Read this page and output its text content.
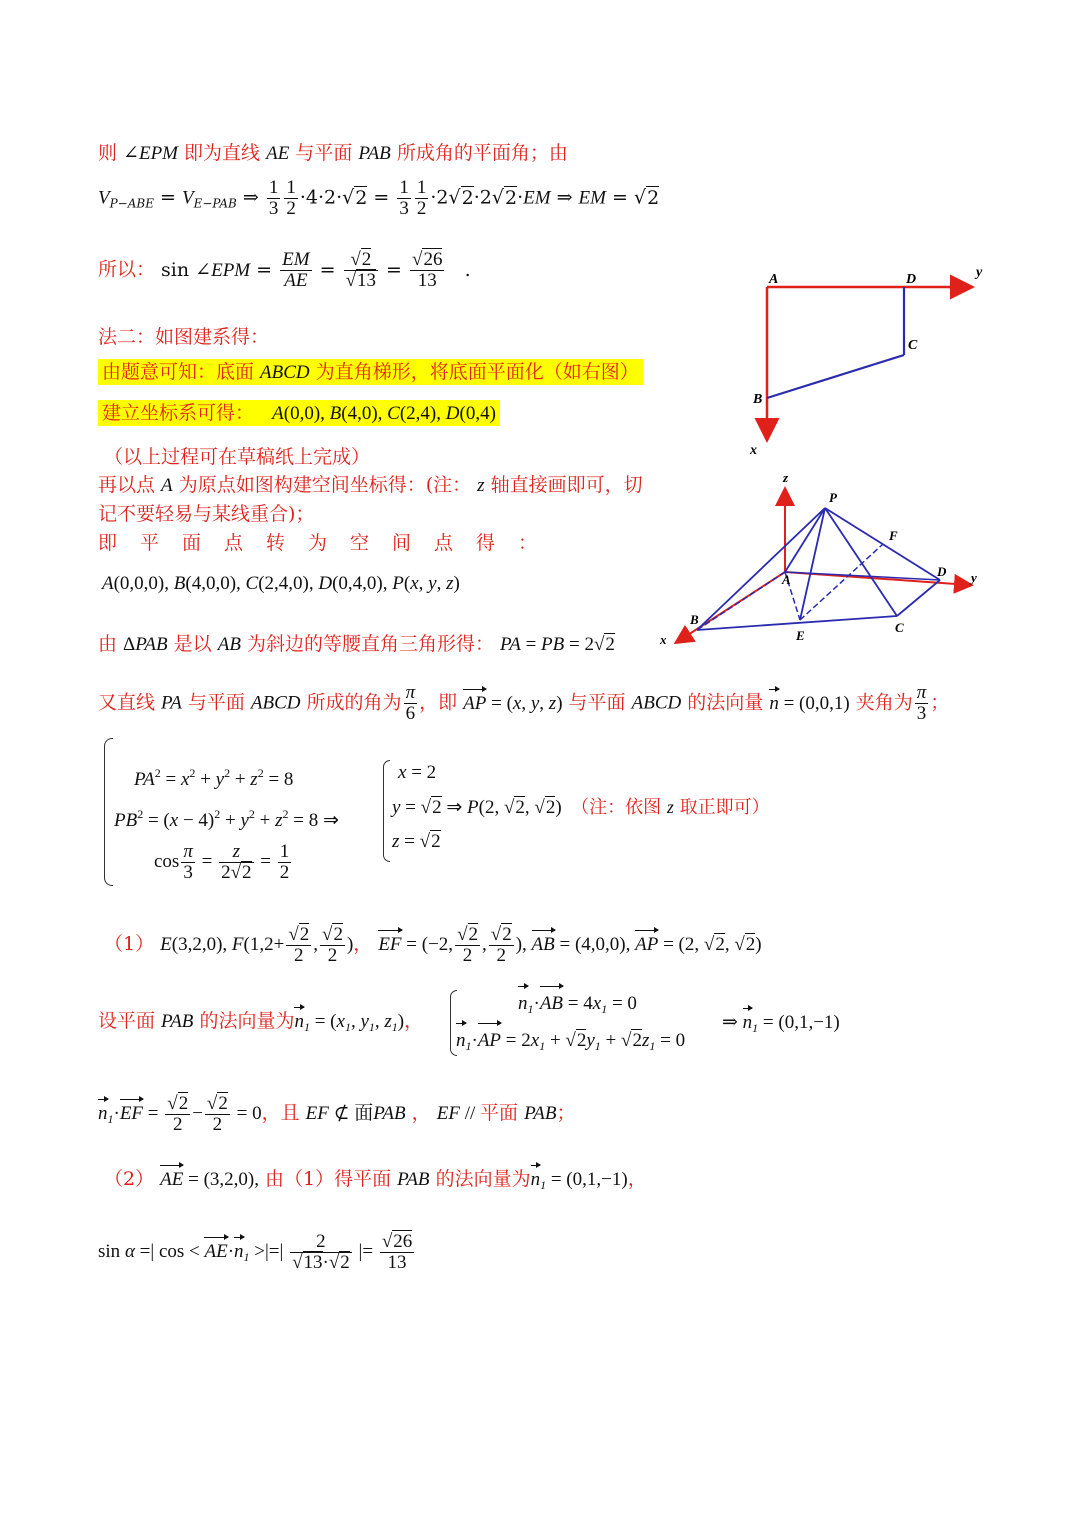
则 ∠EPM 即为直线 AE 与平面 PAB 所成角的平面角；由
$V_{P-ABE} = V_{E-PAB}$ ⇒ $\frac{1}{3} \frac{1}{2} \cdot 4\cdot 2\cdot√2 = \frac{1}{3} \frac{1}{2} \cdot 2√2\cdot 2√2\cdot EM$ ⇒ EM = √2
所以： sin ∠EPM = $\frac{EM}{AE} = \frac{√2}{√13} = \frac{√26}{13}$ .
法二：如图建系得：
由题意可知：底面 ABCD 为直角梯形，将底面平面化（如右图）
建立坐标系可得： A(0,0), B(4,0), C(2,4), D(0,4)
（以上过程可在草稿纸上完成）
再以点 A 为原点如图构建空间坐标得：(注： z 轴直接画即可，切
记不要轻易与某线重合)；
即　平　面　点　转　为　空　间　点　得　：
A(0,0,0), B(4,0,0), C(2,4,0), D(0,4,0), P(x, y, z)
由 ΔPAB 是以 AB 为斜边的等腰直角三角形得： PA = PB = 2√2
又直线 PA 与平面 ABCD 所成的角为 $\frac{\pi}{6}$ ，即 AP = (x, y, z) 与平面 ABCD 的法向量 n = (0,0,1) 夹角为 $\frac{\pi}{3}$ ；
$PA^2 = x^2 + y^2 + z^2 = 8$
$PB^2 = (x - 4)^2 + y^2 + z^2 = 8$ ⇒
$\cos \frac{\pi}{3} = \frac{z}{2√2} = \frac{1}{2}$
x = 2
y = √2 ⇒ P(2, √2, √2)  （注：依图 z 取正即可）
z = √2
（1） E(3,2,0), $F(1,2+ \frac{√2}{2}$ , $\frac{√2}{2}$ )， EF = (−2, $\frac{√2}{2}$ , $\frac{√2}{2}$ ), AB = (4,0,0), AP = (2, √2, √2)
设平面 PAB 的法向量为$n_1 = (x_1$, $y_1$, $z_1$)，
$n_1\cdot AB = 4x_1 = 0$
$n_1\cdot AP = 2x_1 + √2y_1 + √2z_1 = 0$
⇒ $n_1 = (0,1,-1)$
$n_1\cdot EF = \frac{√2}{2} - \frac{√2}{2} = 0$，且 EF ⊄ 面PAB ， EF // 平面 PAB；
（2） AE = (3,2,0), 由（1）得平面 PAB 的法向量为$n_1 = (0,1,-1)$，
sin α =| $\cos < AE\cdot n_1$ >|=| $\frac{2}{√13\cdot√2}$ |= $\frac{√26}{13}$
A	D	y
C
B
x
z
P
F
A
D y
B
E
C
x
